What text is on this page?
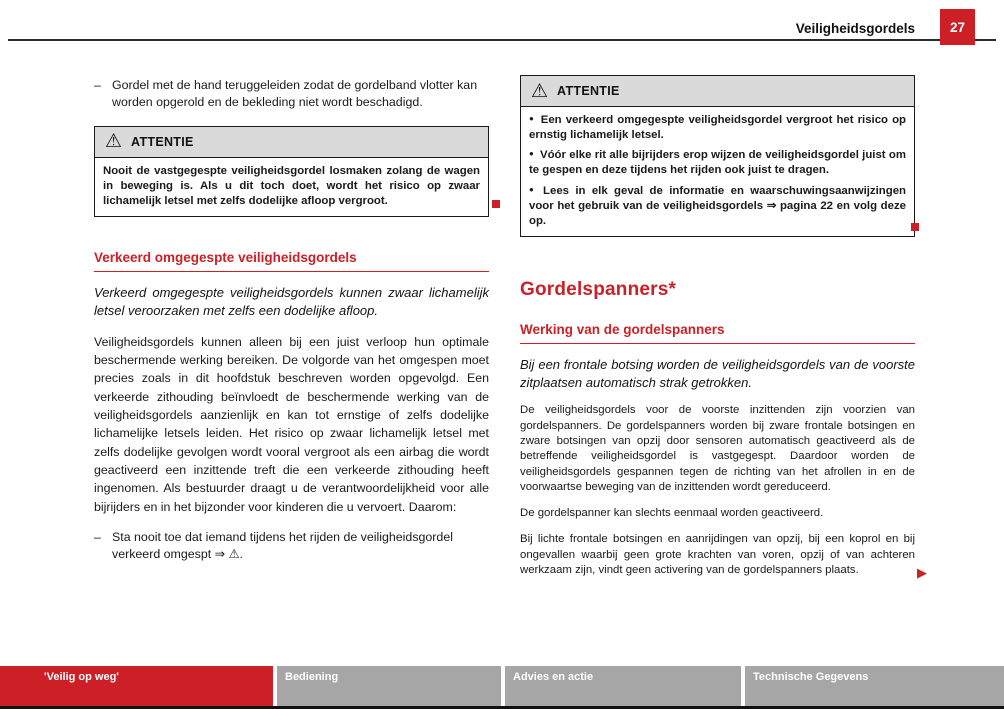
Veiligheidsgordels	27
– Gordel met de hand teruggeleiden zodat de gordelband vlotter kan worden opgerold en de bekleding niet wordt beschadigd.
⚠ ATTENTIE
Nooit de vastgegespte veiligheidsgordel losmaken zolang de wagen in beweging is. Als u dit toch doet, wordt het risico op zwaar lichamelijk letsel met zelfs dodelijke afloop vergroot.
Verkeerd omgegespte veiligheidsgordels

Verkeerd omgegespte veiligheidsgordels kunnen zwaar lichamelijk letsel veroorzaken met zelfs een dodelijke afloop.

Veiligheidsgordels kunnen alleen bij een juist verloop hun optimale beschermende werking bereiken. De volgorde van het omgespen moet precies zoals in dit hoofdstuk beschreven worden opgevolgd. Een verkeerde zithouding beïnvloedt de beschermende werking van de veiligheidsgordels aanzienlijk en kan tot ernstige of zelfs dodelijke lichamelijke letsels leiden. Het risico op zwaar lichamelijk letsel met zelfs dodelijke gevolgen wordt vooral vergroot als een airbag die wordt geactiveerd een inzittende treft die een verkeerde zithouding heeft ingenomen. Als bestuurder draagt u de verantwoordelijkheid voor alle bijrijders en in het bijzonder voor kinderen die u vervoert. Daarom:

– Sta nooit toe dat iemand tijdens het rijden de veiligheidsgordel verkeerd omgespt ⇒ ⚠.
⚠ ATTENTIE
● Een verkeerd omgegespte veiligheidsgordel vergroot het risico op ernstig lichamelijk letsel.
● Vóór elke rit alle bijrijders erop wijzen de veiligheidsgordel juist om te gespen en deze tijdens het rijden ook juist te dragen.
● Lees in elk geval de informatie en waarschuwingsaanwijzingen voor het gebruik van de veiligheidsgordels ⇒ pagina 22 en volg deze op.
Gordelspanners*
Werking van de gordelspanners

Bij een frontale botsing worden de veiligheidsgordels van de voorste zitplaatsen automatisch strak getrokken.

De veiligheidsgordels voor de voorste inzittenden zijn voorzien van gordelspanners. De gordelspanners worden bij zware frontale botsingen en zware botsingen van opzij door sensoren automatisch geactiveerd als de betreffende veiligheidsgordel is vastgegespt. Daardoor worden de veiligheidsgordels gespannen tegen de richting van het afrollen in en de voorwaartse beweging van de inzittenden wordt gereduceerd.

De gordelspanner kan slechts eenmaal worden geactiveerd.

Bij lichte frontale botsingen en aanrijdingen van opzij, bij een koprol en bij ongevallen waarbij geen grote krachten van voren, opzij of van achteren werkzaam zijn, vindt geen activering van de gordelspanners plaats.	▶
'Veilig op weg'	Bediening	Advies en actie	Technische Gegevens
